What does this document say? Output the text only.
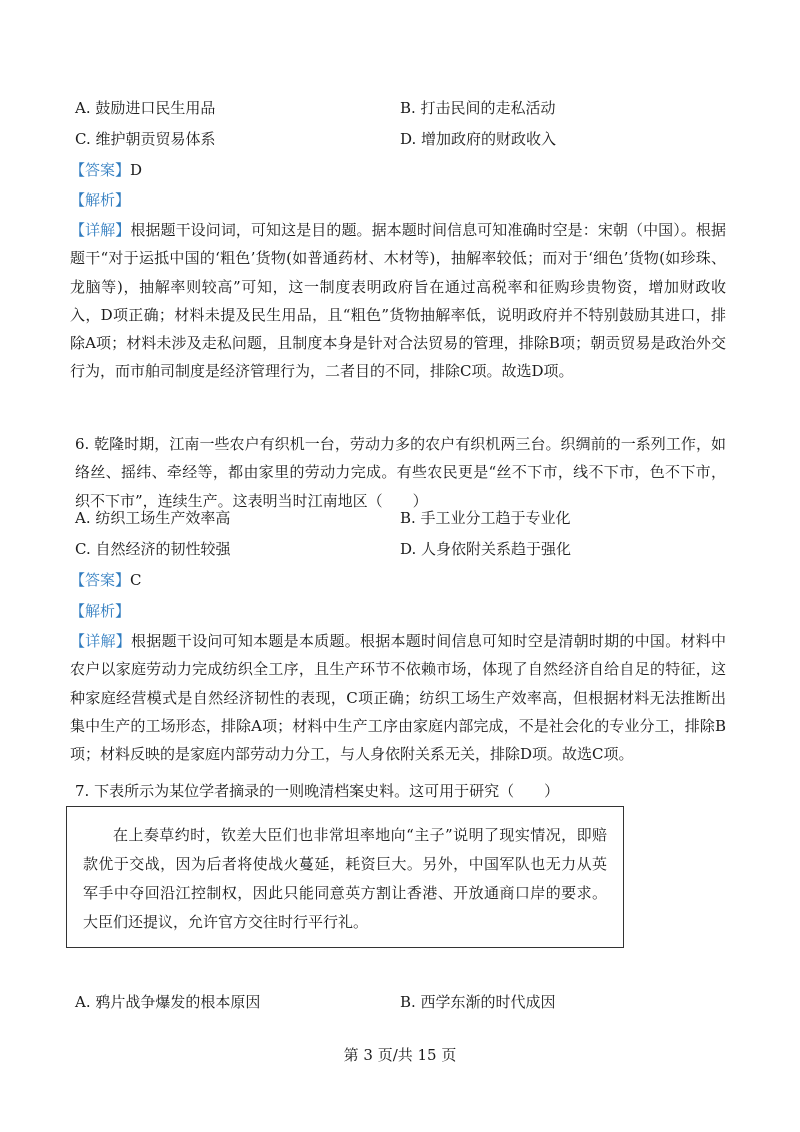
A. 鼓励进口民生用品	B. 打击民间的走私活动
C. 维护朝贡贸易体系	D. 增加政府的财政收入
【答案】D
【解析】

【详解】根据题干设问词，可知这是目的题。据本题时间信息可知准确时空是：宋朝（中国）。根据题干“对于运抵中国的‘粗色’货物(如普通药材、木材等)，抽解率较低；而对于‘细色’货物(如珍珠、龙脑等)，抽解率则较高”可知，这一制度表明政府旨在通过高税率和征购珍贵物资，增加财政收入，D项正确；材料未提及民生用品，且“粗色”货物抽解率低，说明政府并不特别鼓励其进口，排除A项；材料未涉及走私问题，且制度本身是针对合法贸易的管理，排除B项；朝贡贸易是政治外交行为，而市舶司制度是经济管理行为，二者目的不同，排除C项。故选D项。

6. 乾隆时期，江南一些农户有织机一台，劳动力多的农户有织机两三台。织绸前的一系列工作，如络丝、摇纬、牵经等，都由家里的劳动力完成。有些农民更是“丝不下市，线不下市，色不下市，织不下市”，连续生产。这表明当时江南地区（　　）
A. 纺织工场生产效率高	B. 手工业分工趋于专业化
C. 自然经济的韧性较强	D. 人身依附关系趋于强化
【答案】C
【解析】

【详解】根据题干设问可知本题是本质题。根据本题时间信息可知时空是清朝时期的中国。材料中农户以家庭劳动力完成纺织全工序，且生产环节不依赖市场，体现了自然经济自给自足的特征，这种家庭经营模式是自然经济韧性的表现，C项正确；纺织工场生产效率高，但根据材料无法推断出集中生产的工场形态，排除A项；材料中生产工序由家庭内部完成，不是社会化的专业分工，排除B项；材料反映的是家庭内部劳动力分工，与人身依附关系无关，排除D项。故选C项。

7. 下表所示为某位学者摘录的一则晚清档案史料。这可用于研究（　　）
在上奏草约时，钦差大臣们也非常坦率地向“主子”说明了现实情况，即赔款优于交战，因为后者将使战火蔓延，耗资巨大。另外，中国军队也无力从英军手中夺回沿江控制权，因此只能同意英方割让香港、开放通商口岸的要求。大臣们还提议，允许官方交往时行平行礼。
A. 鸦片战争爆发的根本原因	B. 西学东渐的时代成因
第 3 页/共 15 页
